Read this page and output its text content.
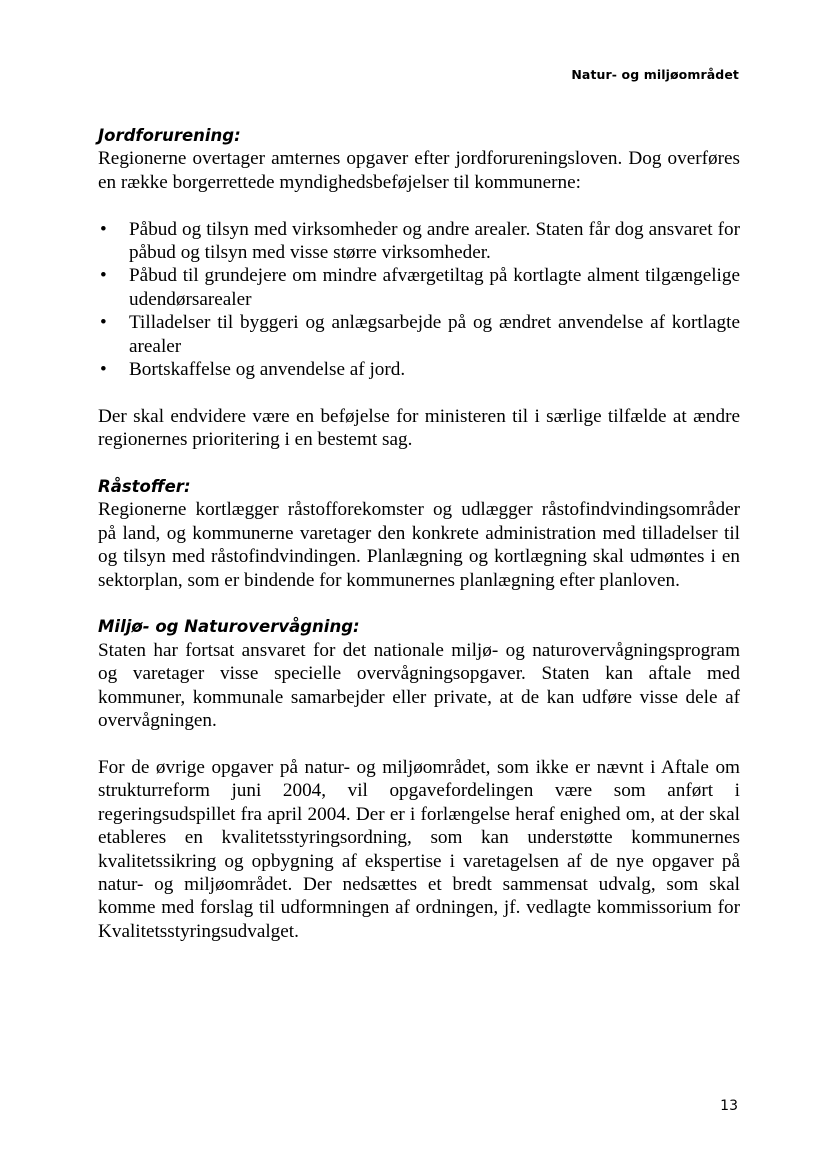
Natur- og miljøområdet
Jordforurening:

Regionerne overtager amternes opgaver efter jordforureningsloven. Dog overføres en række borgerrettede myndighedsbeføjelser til kommunerne:

• Påbud og tilsyn med virksomheder og andre arealer. Staten får dog ansvaret for påbud og tilsyn med visse større virksomheder.
• Påbud til grundejere om mindre afværgetiltag på kortlagte alment tilgængelige udendørsarealer
• Tilladelser til byggeri og anlægsarbejde på og ændret anvendelse af kortlagte arealer
• Bortskaffelse og anvendelse af jord.

Der skal endvidere være en beføjelse for ministeren til i særlige tilfælde at ændre regionernes prioritering i en bestemt sag.

Råstoffer:

Regionerne kortlægger råstofforekomster og udlægger råstofindvindingsområder på land, og kommunerne varetager den konkrete administration med tilladelser til og tilsyn med råstofindvindingen. Planlægning og kortlægning skal udmøntes i en sektorplan, som er bindende for kommunernes planlægning efter planloven.

Miljø- og Naturovervågning:

Staten har fortsat ansvaret for det nationale miljø- og naturovervågningsprogram og varetager visse specielle overvågningsopgaver. Staten kan aftale med kommuner, kommunale samarbejder eller private, at de kan udføre visse dele af overvågningen.

For de øvrige opgaver på natur- og miljøområdet, som ikke er nævnt i Aftale om strukturreform juni 2004, vil opgavefordelingen være som anført i regeringsudspillet fra april 2004. Der er i forlængelse heraf enighed om, at der skal etableres en kvalitetsstyringsordning, som kan understøtte kommunernes kvalitetssikring og opbygning af ekspertise i varetagelsen af de nye opgaver på natur- og miljøområdet. Der nedsættes et bredt sammensat udvalg, som skal komme med forslag til udformningen af ordningen, jf. vedlagte kommissorium for Kvalitetsstyringsudvalget.

13
